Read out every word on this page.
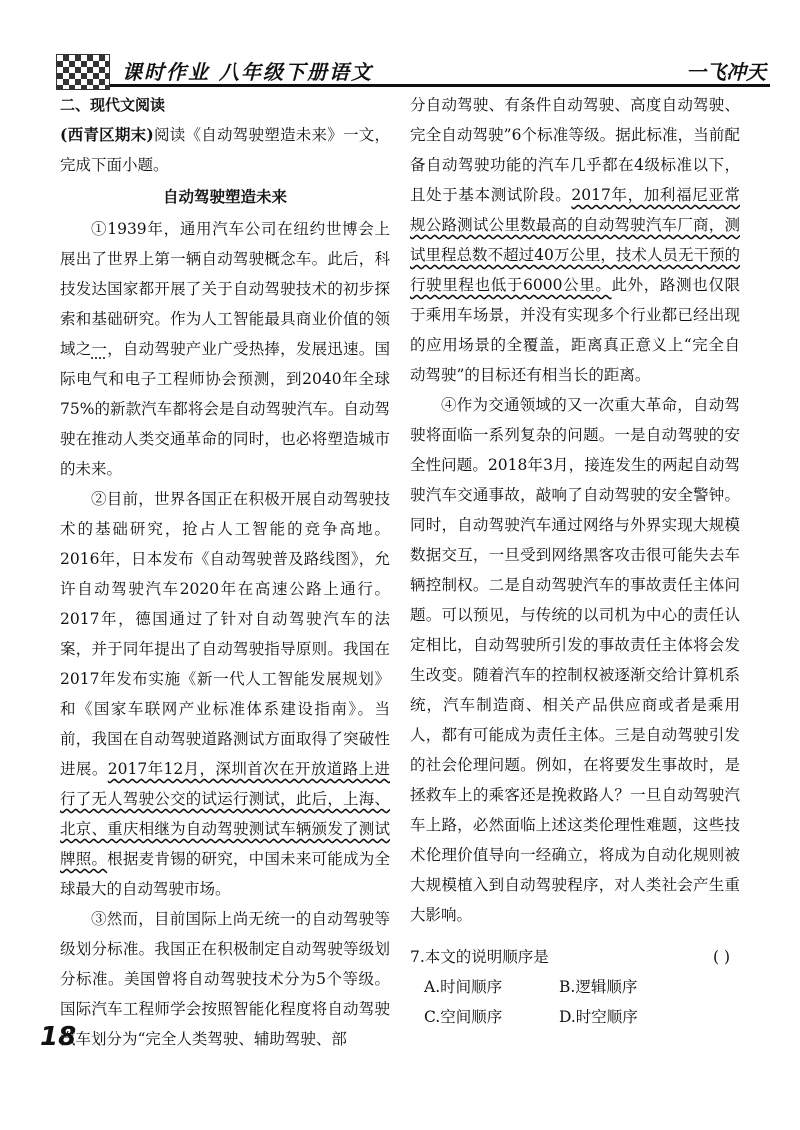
课时作业 八年级下册语文	一飞冲天
二、现代文阅读

(西青区期末)阅读《自动驾驶塑造未来》一文，完成下面小题。

自动驾驶塑造未来

①1939年，通用汽车公司在纽约世博会上展出了世界上第一辆自动驾驶概念车。此后，科技发达国家都开展了关于自动驾驶技术的初步探索和基础研究。作为人工智能最具商业价值的领域之一，自动驾驶产业广受热捧，发展迅速。国际电气和电子工程师协会预测，到2040年全球75%的新款汽车都将会是自动驾驶汽车。自动驾驶在推动人类交通革命的同时，也必将塑造城市的未来。

②目前，世界各国正在积极开展自动驾驶技术的基础研究，抢占人工智能的竞争高地。2016年，日本发布《自动驾驶普及路线图》，允许自动驾驶汽车2020年在高速公路上通行。2017年，德国通过了针对自动驾驶汽车的法案，并于同年提出了自动驾驶指导原则。我国在2017年发布实施《新一代人工智能发展规划》和《国家车联网产业标准体系建设指南》。当前，我国在自动驾驶道路测试方面取得了突破性进展。2017年12月，深圳首次在开放道路上进行了无人驾驶公交的试运行测试，此后，上海、北京、重庆相继为自动驾驶测试车辆颁发了测试牌照。根据麦肯锡的研究，中国未来可能成为全球最大的自动驾驶市场。

③然而，目前国际上尚无统一的自动驾驶等级划分标准。我国正在积极制定自动驾驶等级划分标准。美国曾将自动驾驶技术分为5个等级。国际汽车工程师学会按照智能化程度将自动驾驶汽车划分为“完全人类驾驶、辅助驾驶、部

分自动驾驶、有条件自动驾驶、高度自动驾驶、完全自动驾驶”6个标准等级。据此标准，当前配备自动驾驶功能的汽车几乎都在4级标准以下，且处于基本测试阶段。2017年，加利福尼亚常规公路测试公里数最高的自动驾驶汽车厂商，测试里程总数不超过40万公里，技术人员无干预的行驶里程也低于6000公里。此外，路测也仅限于乘用车场景，并没有实现多个行业都已经出现的应用场景的全覆盖，距离真正意义上“完全自动驾驶”的目标还有相当长的距离。

④作为交通领域的又一次重大革命，自动驾驶将面临一系列复杂的问题。一是自动驾驶的安全性问题。2018年3月，接连发生的两起自动驾驶汽车交通事故，敲响了自动驾驶的安全警钟。同时，自动驾驶汽车通过网络与外界实现大规模数据交互，一旦受到网络黑客攻击很可能失去车辆控制权。二是自动驾驶汽车的事故责任主体问题。可以预见，与传统的以司机为中心的责任认定相比，自动驾驶所引发的事故责任主体将会发生改变。随着汽车的控制权被逐渐交给计算机系统，汽车制造商、相关产品供应商或者是乘用人，都有可能成为责任主体。三是自动驾驶引发的社会伦理问题。例如，在将要发生事故时，是拯救车上的乘客还是挽救路人？一旦自动驾驶汽车上路，必然面临上述这类伦理性难题，这些技术伦理价值导向一经确立，将成为自动化规则被大规模植入到自动驾驶程序，对人类社会产生重大影响。

7.本文的说明顺序是	( )
A.时间顺序	B.逻辑顺序
C.空间顺序	D.时空顺序
18
